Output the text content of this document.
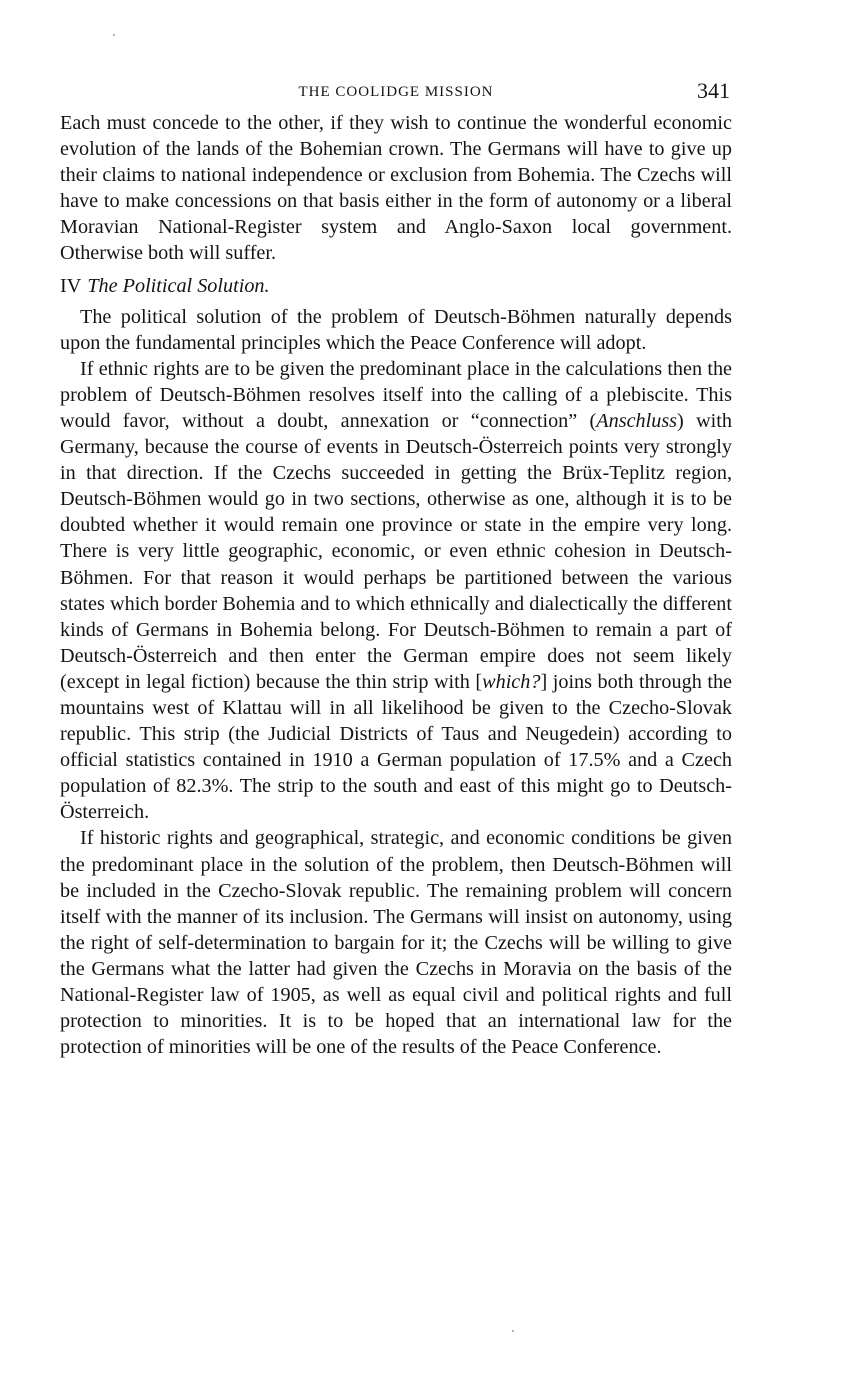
THE COOLIDGE MISSION	341

Each must concede to the other, if they wish to continue the wonderful economic evolution of the lands of the Bohemian crown. The Germans will have to give up their claims to national independence or exclusion from Bohemia. The Czechs will have to make concessions on that basis either in the form of autonomy or a liberal Moravian National-Register system and Anglo-Saxon local government. Otherwise both will suffer.

IV The Political Solution.

The political solution of the problem of Deutsch-Böhmen naturally depends upon the fundamental principles which the Peace Conference will adopt.

If ethnic rights are to be given the predominant place in the calculations then the problem of Deutsch-Böhmen resolves itself into the calling of a plebiscite. This would favor, without a doubt, annexation or “connection” (Anschluss) with Germany, because the course of events in Deutsch-Österreich points very strongly in that direction. If the Czechs succeeded in getting the Brüx-Teplitz region, Deutsch-Böhmen would go in two sections, otherwise as one, although it is to be doubted whether it would remain one province or state in the empire very long. There is very little geographic, economic, or even ethnic cohesion in Deutsch-Böhmen. For that reason it would perhaps be partitioned between the various states which border Bohemia and to which ethnically and dialectically the different kinds of Germans in Bohemia belong. For Deutsch-Böhmen to remain a part of Deutsch-Österreich and then enter the German empire does not seem likely (except in legal fiction) because the thin strip with [which?] joins both through the mountains west of Klattau will in all likelihood be given to the Czecho-Slovak republic. This strip (the Judicial Districts of Taus and Neugedein) according to official statistics contained in 1910 a German population of 17.5% and a Czech population of 82.3%. The strip to the south and east of this might go to Deutsch-Österreich.

If historic rights and geographical, strategic, and economic conditions be given the predominant place in the solution of the problem, then Deutsch-Böhmen will be included in the Czecho-Slovak republic. The remaining problem will concern itself with the manner of its inclusion. The Germans will insist on autonomy, using the right of self-determination to bargain for it; the Czechs will be willing to give the Germans what the latter had given the Czechs in Moravia on the basis of the National-Register law of 1905, as well as equal civil and political rights and full protection to minorities. It is to be hoped that an international law for the protection of minorities will be one of the results of the Peace Conference.
